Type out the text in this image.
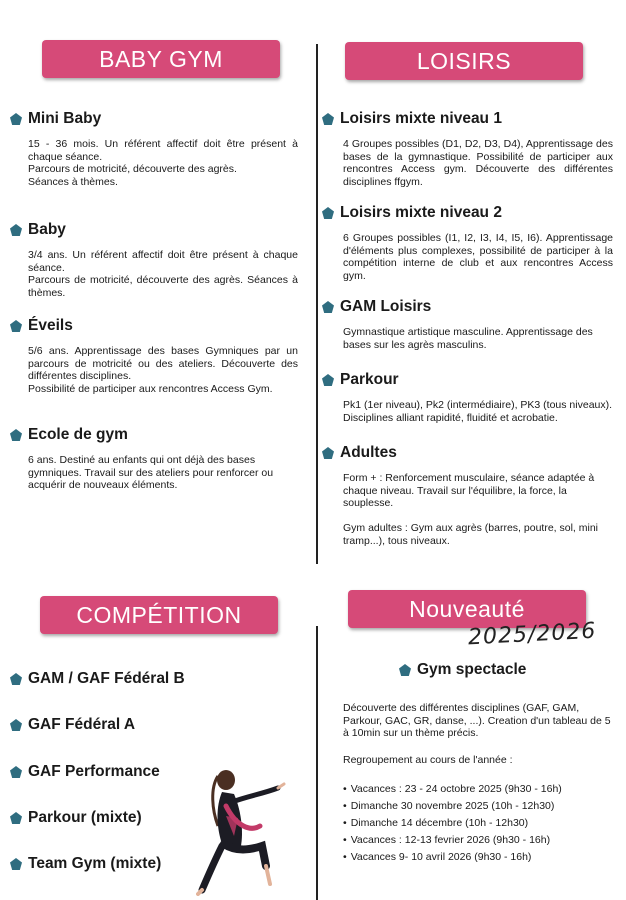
BABY GYM	LOISIRS
COMPÉTITION	Nouveauté
2025/2026
Mini Baby

15 - 36 mois. Un référent affectif doit être présent à chaque séance.
Parcours de motricité, découverte des agrès.
Séances à thèmes.

Baby

3/4 ans. Un référent affectif doit être présent à chaque séance.
Parcours de motricité, découverte des agrès. Séances à thèmes.

Éveils

5/6 ans. Apprentissage des bases Gymniques par un parcours de motricité ou des ateliers. Découverte des différentes disciplines.
Possibilité de participer aux rencontres Access Gym.

Ecole de gym

6 ans. Destiné au enfants qui ont déjà des bases gymniques. Travail sur des ateliers pour renforcer ou acquérir de nouveaux éléments.

Loisirs mixte niveau 1

4 Groupes possibles (D1, D2, D3, D4), Apprentissage des bases de la gymnastique. Possibilité de participer aux rencontres Access gym. Découverte des différentes disciplines ffgym.

Loisirs mixte niveau 2

6 Groupes possibles (I1, I2, I3, I4, I5, I6). Apprentissage d'éléments plus complexes, possibilité de participer à la compétition interne de club et aux rencontres Access gym.

GAM Loisirs

Gymnastique artistique masculine. Apprentissage des bases sur les agrès masculins.

Parkour

Pk1 (1er niveau), Pk2 (intermédiaire), PK3 (tous niveaux). Disciplines alliant rapidité, fluidité et acrobatie.

Adultes

Form + : Renforcement musculaire, séance adaptée à chaque niveau. Travail sur l'équilibre, la force, la souplesse.

Gym adultes : Gym aux agrès (barres, poutre, sol, mini tramp...), tous niveaux.

GAM / GAF Fédéral B
GAF Fédéral A
GAF Performance
Parkour (mixte)
Team Gym (mixte)
Gym spectacle

Découverte des différentes disciplines (GAF, GAM, Parkour, GAC, GR, danse, ...). Creation d'un tableau de 5 à 10min sur un thème précis.

Regroupement au cours de l'année :

• Vacances : 23 - 24 octobre 2025 (9h30 - 16h)
• Dimanche 30 novembre 2025 (10h - 12h30)
• Dimanche 14 décembre (10h - 12h30)
• Vacances : 12-13 fevrier 2026 (9h30 - 16h)
• Vacances 9- 10 avril 2026 (9h30 - 16h)
